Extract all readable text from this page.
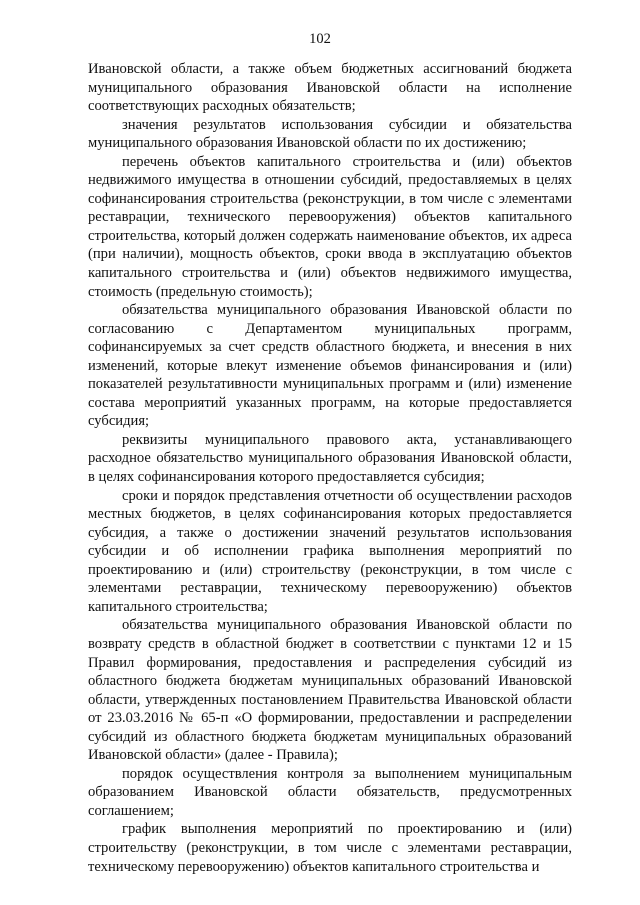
102

Ивановской области, а также объем бюджетных ассигнований бюджета муниципального образования Ивановской области на исполнение соответствующих расходных обязательств;

значения результатов использования субсидии и обязательства муниципального образования Ивановской области по их достижению;

перечень объектов капитального строительства и (или) объектов недвижимого имущества в отношении субсидий, предоставляемых в целях софинансирования строительства (реконструкции, в том числе с элементами реставрации, технического перевооружения) объектов капитального строительства, который должен содержать наименование объектов, их адреса (при наличии), мощность объектов, сроки ввода в эксплуатацию объектов капитального строительства и (или) объектов недвижимого имущества, стоимость (предельную стоимость);

обязательства муниципального образования Ивановской области по согласованию с Департаментом муниципальных программ, софинансируемых за счет средств областного бюджета, и внесения в них изменений, которые влекут изменение объемов финансирования и (или) показателей результативности муниципальных программ и (или) изменение состава мероприятий указанных программ, на которые предоставляется субсидия;

реквизиты муниципального правового акта, устанавливающего расходное обязательство муниципального образования Ивановской области, в целях софинансирования которого предоставляется субсидия;

сроки и порядок представления отчетности об осуществлении расходов местных бюджетов, в целях софинансирования которых предоставляется субсидия, а также о достижении значений результатов использования субсидии и об исполнении графика выполнения мероприятий по проектированию и (или) строительству (реконструкции, в том числе с элементами реставрации, техническому перевооружению) объектов капитального строительства;

обязательства муниципального образования Ивановской области по возврату средств в областной бюджет в соответствии с пунктами 12 и 15 Правил формирования, предоставления и распределения субсидий из областного бюджета бюджетам муниципальных образований Ивановской области, утвержденных постановлением Правительства Ивановской области от 23.03.2016 № 65-п «О формировании, предоставлении и распределении субсидий из областного бюджета бюджетам муниципальных образований Ивановской области» (далее - Правила);

порядок осуществления контроля за выполнением муниципальным образованием Ивановской области обязательств, предусмотренных соглашением;

график выполнения мероприятий по проектированию и (или) строительству (реконструкции, в том числе с элементами реставрации, техническому перевооружению) объектов капитального строительства и
